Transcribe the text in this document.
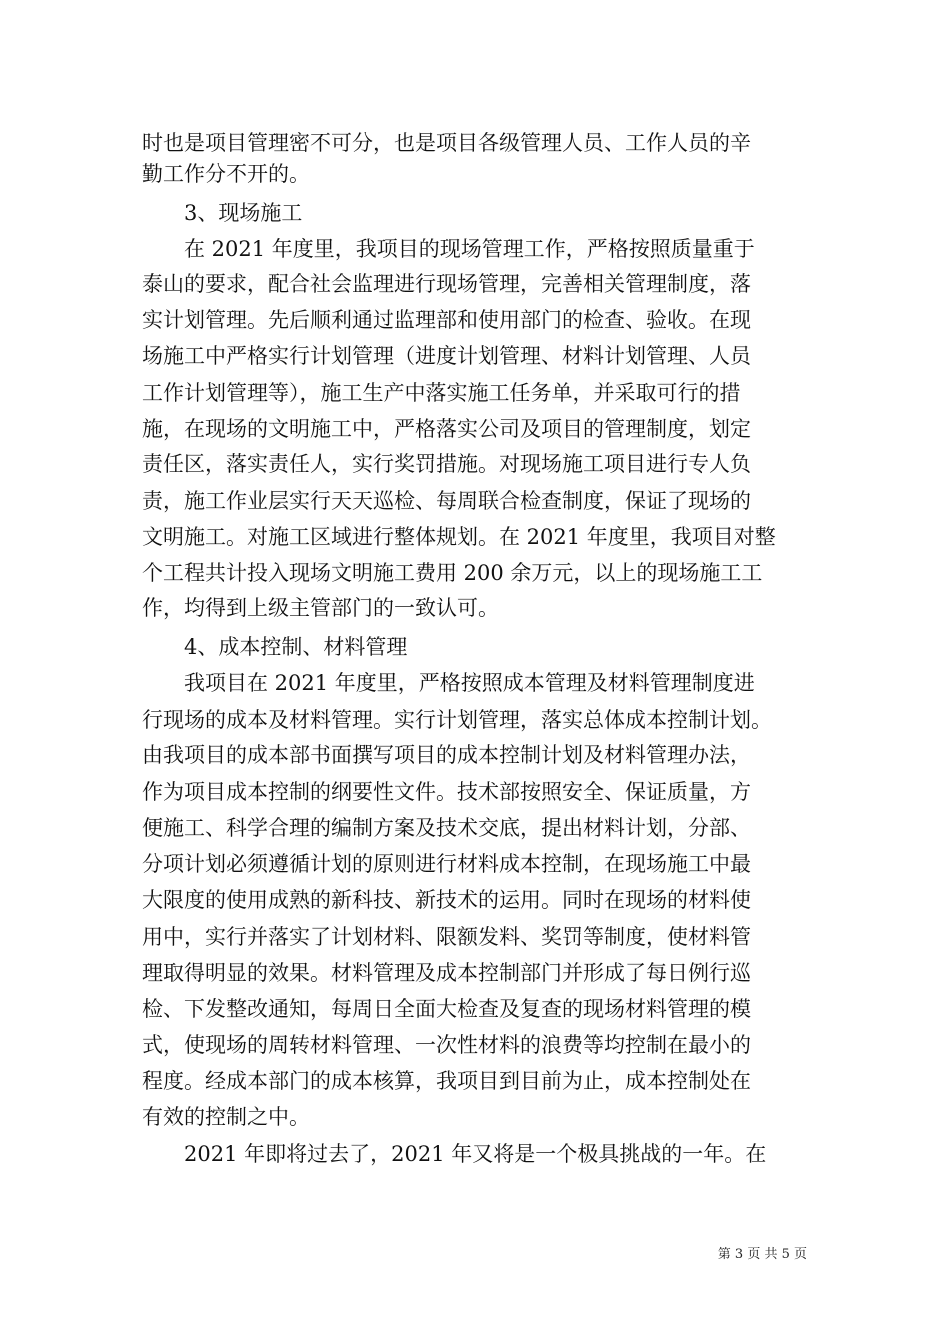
时也是项目管理密不可分，也是项目各级管理人员、工作人员的辛
勤工作分不开的。
3、现场施工
在 2021 年度里，我项目的现场管理工作，严格按照质量重于
泰山的要求，配合社会监理进行现场管理，完善相关管理制度，落
实计划管理。先后顺利通过监理部和使用部门的检查、验收。在现
场施工中严格实行计划管理（进度计划管理、材料计划管理、人员
工作计划管理等），施工生产中落实施工任务单，并采取可行的措
施，在现场的文明施工中，严格落实公司及项目的管理制度，划定
责任区，落实责任人，实行奖罚措施。对现场施工项目进行专人负
责，施工作业层实行天天巡检、每周联合检查制度，保证了现场的
文明施工。对施工区域进行整体规划。在 2021 年度里，我项目对整
个工程共计投入现场文明施工费用 200 余万元，以上的现场施工工
作，均得到上级主管部门的一致认可。
4、成本控制、材料管理
我项目在 2021 年度里，严格按照成本管理及材料管理制度进
行现场的成本及材料管理。实行计划管理，落实总体成本控制计划。
由我项目的成本部书面撰写项目的成本控制计划及材料管理办法，
作为项目成本控制的纲要性文件。技术部按照安全、保证质量，方
便施工、科学合理的编制方案及技术交底，提出材料计划，分部、
分项计划必须遵循计划的原则进行材料成本控制，在现场施工中最
大限度的使用成熟的新科技、新技术的运用。同时在现场的材料使
用中，实行并落实了计划材料、限额发料、奖罚等制度，使材料管
理取得明显的效果。材料管理及成本控制部门并形成了每日例行巡
检、下发整改通知，每周日全面大检查及复查的现场材料管理的模
式，使现场的周转材料管理、一次性材料的浪费等均控制在最小的
程度。经成本部门的成本核算，我项目到目前为止，成本控制处在
有效的控制之中。
2021 年即将过去了，2021 年又将是一个极具挑战的一年。在
第 3 页 共 5 页
